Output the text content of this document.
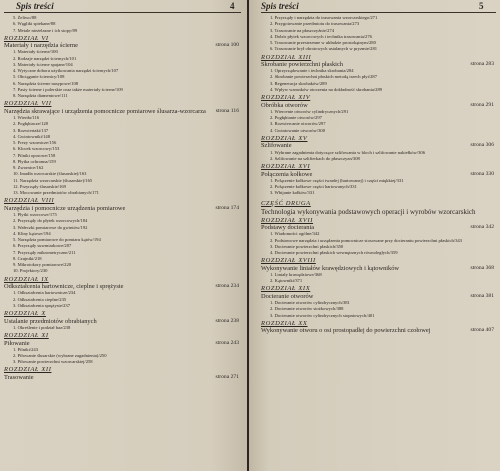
Spis treści	4
5. Żeliwo/88
6. Węgliki spiekane/88
7. Metale nieżelazne i ich stopy/89
ROZDZIAŁ VI
Materiały i narzędzia ścierne	strona 100
1. Materiały ścierne/100
2. Rodzaje narzędzi ściernych/101
3. Materiały ścierne spajane/104
4. Wytyczne doboru użytkowania narzędzi ściernych/107
5. Obciąganie ściernicy/108
6. Narzędzia ścierne nasypowe/108
7. Pasty ścierne i polerskie oraz także materiały ścierne/109
8. Narzędzia diamentowe/111
ROZDZIAŁ VII
Narzędzia skrawające i urządzenia pomocnicze pomiarowe ślusarza-wzorcarza strona 116
1. Wiertła/116
2. Pogłębiacze/128
3. Rozwiertaki/137
4. Gwintowniki/148
5. Frezy wzornicze/156
6. Klocek wzorcowy/153
7. Pilniki oporowe/158
8. Płytka ochronna/159
9. Zwornice/162
10. Imadła wzorcarskie (ślusarskie)/163
11. Narzędzia wzorcarskie (ślusarskie)/165
12. Przyrządy ślusarskie/169
13. Mocowanie przedmiotów obrabianych/171
ROZDZIAŁ VIII
Narzędzia i pomocnicze urządzenia pomiarowe	strona 174
1. Płytki wzorcowe/175
2. Przyrządy do płytek wzorcowych/184
3. Wałeczki pomiarowe do gwintów/192
4. Kliny kątowe/194
5. Narzędzia pomiarowe do pomiaru kątów/194
6. Przyrządy suwmiarkowe/207
7. Przyrządy mikrometryczne/211
8. Czujniki/218
9. Mikrotokory pomiarowe/220
10. Projektory/230
ROZDZIAŁ IX
Odkształcenia hartownicze, cieplne i sprężyste	strona 234
1. Odkształcenia hartownicze/234
2. Odkształcenia cieplne/235
3. Odkształcenia sprężyste/237
ROZDZIAŁ X
Ustalanie przedmiotów obrabianych	strona 238
1. Określenie i podział baz/238
ROZDZIAŁ XI
Piłowanie	strona 243
1. Pilniki/243
2. Piłowanie ślusarskie (wybrane zagadnienia)/250
3. Piłowanie powierzchni wzorcarskiej/258
ROZDZIAŁ XII
Trasowanie	strona 271
Spis treści	5
1. Przyrządy i narzędzia do trasowania wzorcarskiego/271
2. Przygotowanie przedmiotu do trasowania/273
3. Trasowanie na płaszczyźnie/274
4. Dobór płytek wzorcowych i technika trasowania/276
5. Trasowanie przestrzenne w układzie prostokątnym/280
6. Trasowanie brył obrotowych ustalanych w pryzmie/281
ROZDZIAŁ XIII
Skrobanie powierzchni płaskich	strona 283
1. Oprzyrządowanie i technika skrobania/284
2. Skrobanie powierzchni płaskich metodą trzech płyt/287
3. Regeneracja skrobaków/289
4. Wpływ warunków otoczenia na dokładność skrobania/289
ROZDZIAŁ XIV
Obróbka otworów	strona 291
1. Wiercenie otworów cylindrycznych/291
2. Pogłębianie otworów/297
3. Rozwiercanie otworów/297
4. Gwintowanie otworów/300
ROZDZIAŁ XV
Szlifowanie	strona 306
1. Wybrane zagadnienia dotyczące szlifowania w bloch i szlifowanie nakiełków/306
2. Szlifowanie na szlifierkach do płaszczyzn/308
ROZDZIAŁ XVI
Połączenia kołkowe	strona 330
1. Połączenie kołkowe części twardej (hartowanej) i części miękkiej/331
2. Połączenie kołkowe części hartowanych/331
3. Wbijanie kołków/331
CZĘŚĆ DRUGA
Technologia wykonywania podstawowych operacji i wyrobów wzorcarskich
ROZDZIAŁ XVII
Podstawy docierania	strona 342
1. Wiadomości ogólne/342
2. Podstawowe narzędzia i urządzenia pomocnicze stosowane przy docieraniu powierzchni płaskich/343
3. Docieranie powierzchni płaskich/350
4. Docieranie powierzchni płaskich wewnętrznych równoległych/359
ROZDZIAŁ XVIII
Wykonywanie liniałów krawędziowych i kątowników	strona 368
1. Liniały krawędziowe/368
2. Kątowniki/371
ROZDZIAŁ XIX
Docieranie otworów	strona 381
1. Docieranie otworów cylindrycznych/381
2. Docieranie otworów stożkowych/388
3. Docieranie otworów cylindrycznych stopniowych/401
ROZDZIAŁ XX
Wykonywanie otworu o osi prostopadłej do powierzchni czołowej	strona 407
